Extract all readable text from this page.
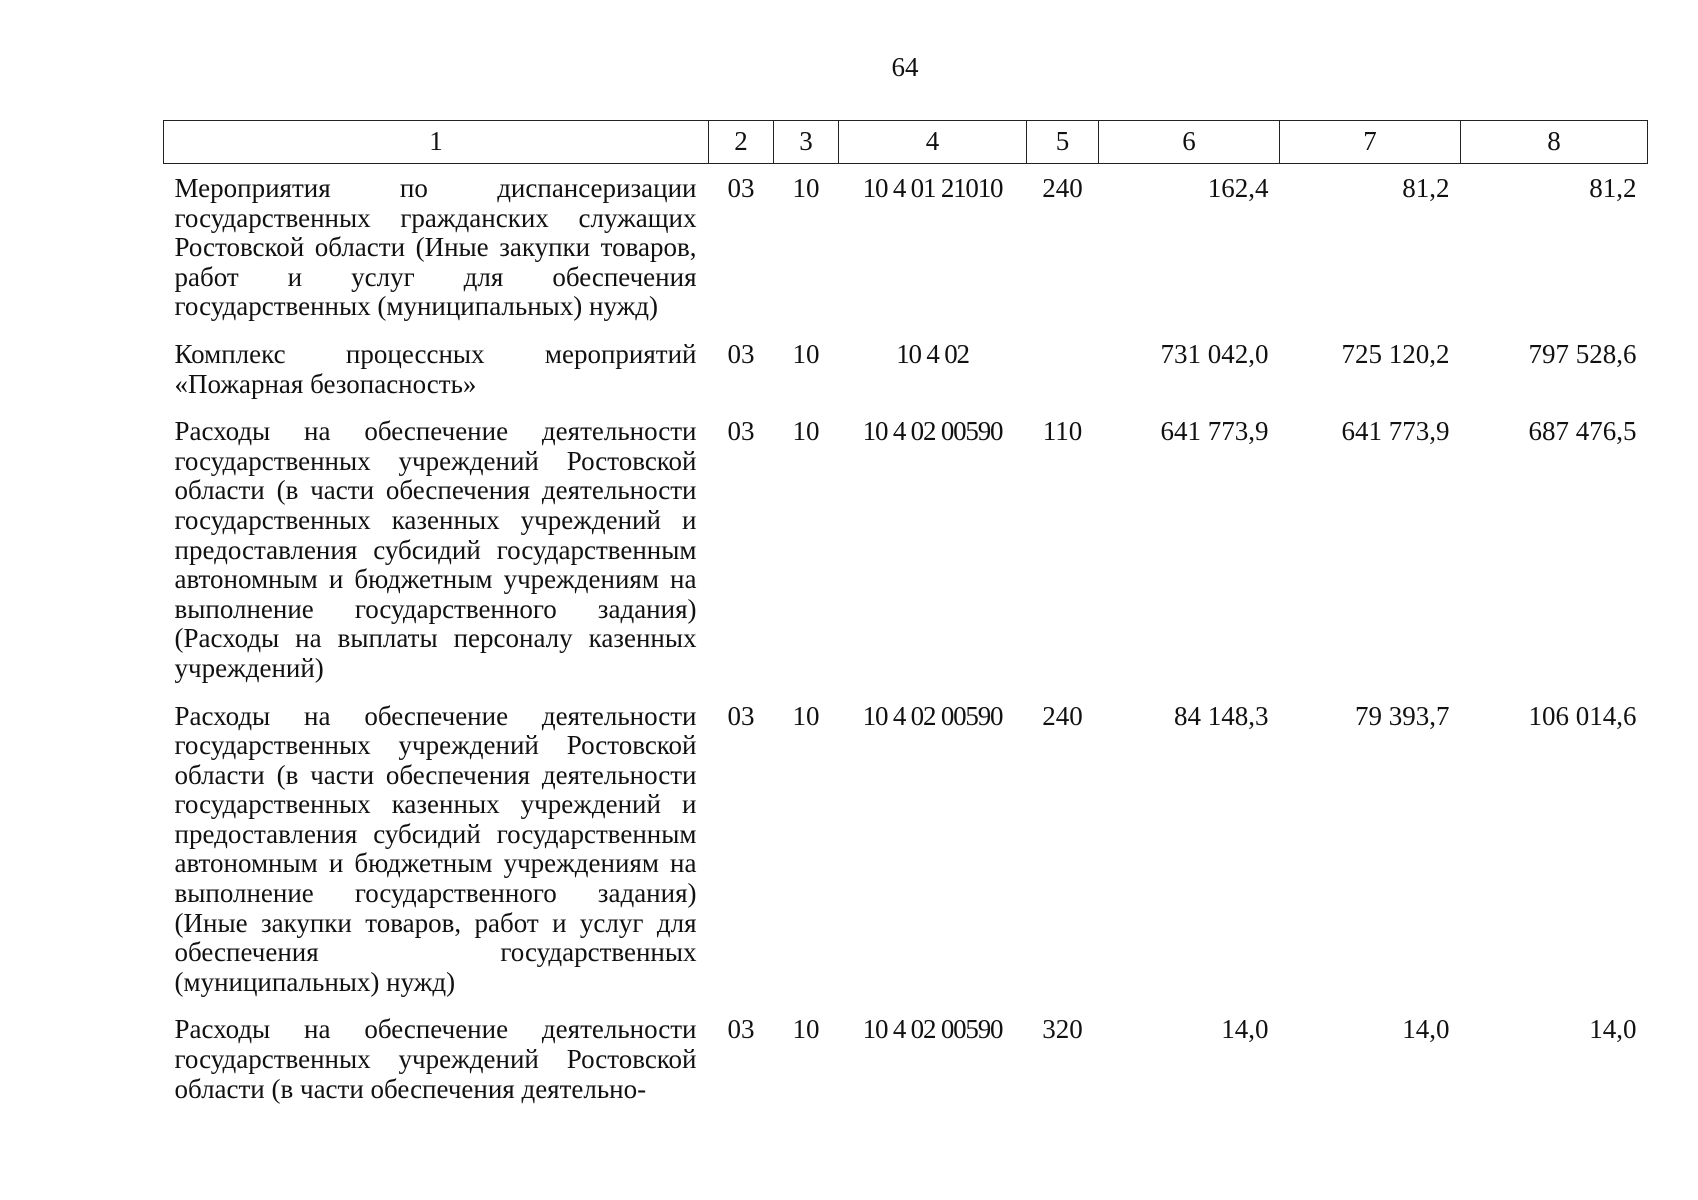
64
1	2	3	4	5	6	7	8
Мероприятия по диспансеризации государственных гражданских служащих Ростовской области (Иные закупки товаров, работ и услуг для обеспечения государственных (муниципальных) нужд)	03	10	10 4 01 21010	240	162,4	81,2	81,2
Комплекс процессных мероприятий «Пожарная безопасность»	03	10	10 4 02		731 042,0	725 120,2	797 528,6
Расходы на обеспечение деятельности государственных учреждений Ростовской области (в части обеспечения деятельности государственных казенных учреждений и предоставления субсидий государственным автономным и бюджетным учреждениям на выполнение государственного задания) (Расходы на выплаты персоналу казенных учреждений)	03	10	10 4 02 00590	110	641 773,9	641 773,9	687 476,5
Расходы на обеспечение деятельности государственных учреждений Ростовской области (в части обеспечения деятельности государственных казенных учреждений и предоставления субсидий государственным автономным и бюджетным учреждениям на выполнение государственного задания) (Иные закупки товаров, работ и услуг для обеспечения государственных (муниципальных) нужд)	03	10	10 4 02 00590	240	84 148,3	79 393,7	106 014,6
Расходы на обеспечение деятельности государственных учреждений Ростовской области (в части обеспечения деятельно-	03	10	10 4 02 00590	320	14,0	14,0	14,0
